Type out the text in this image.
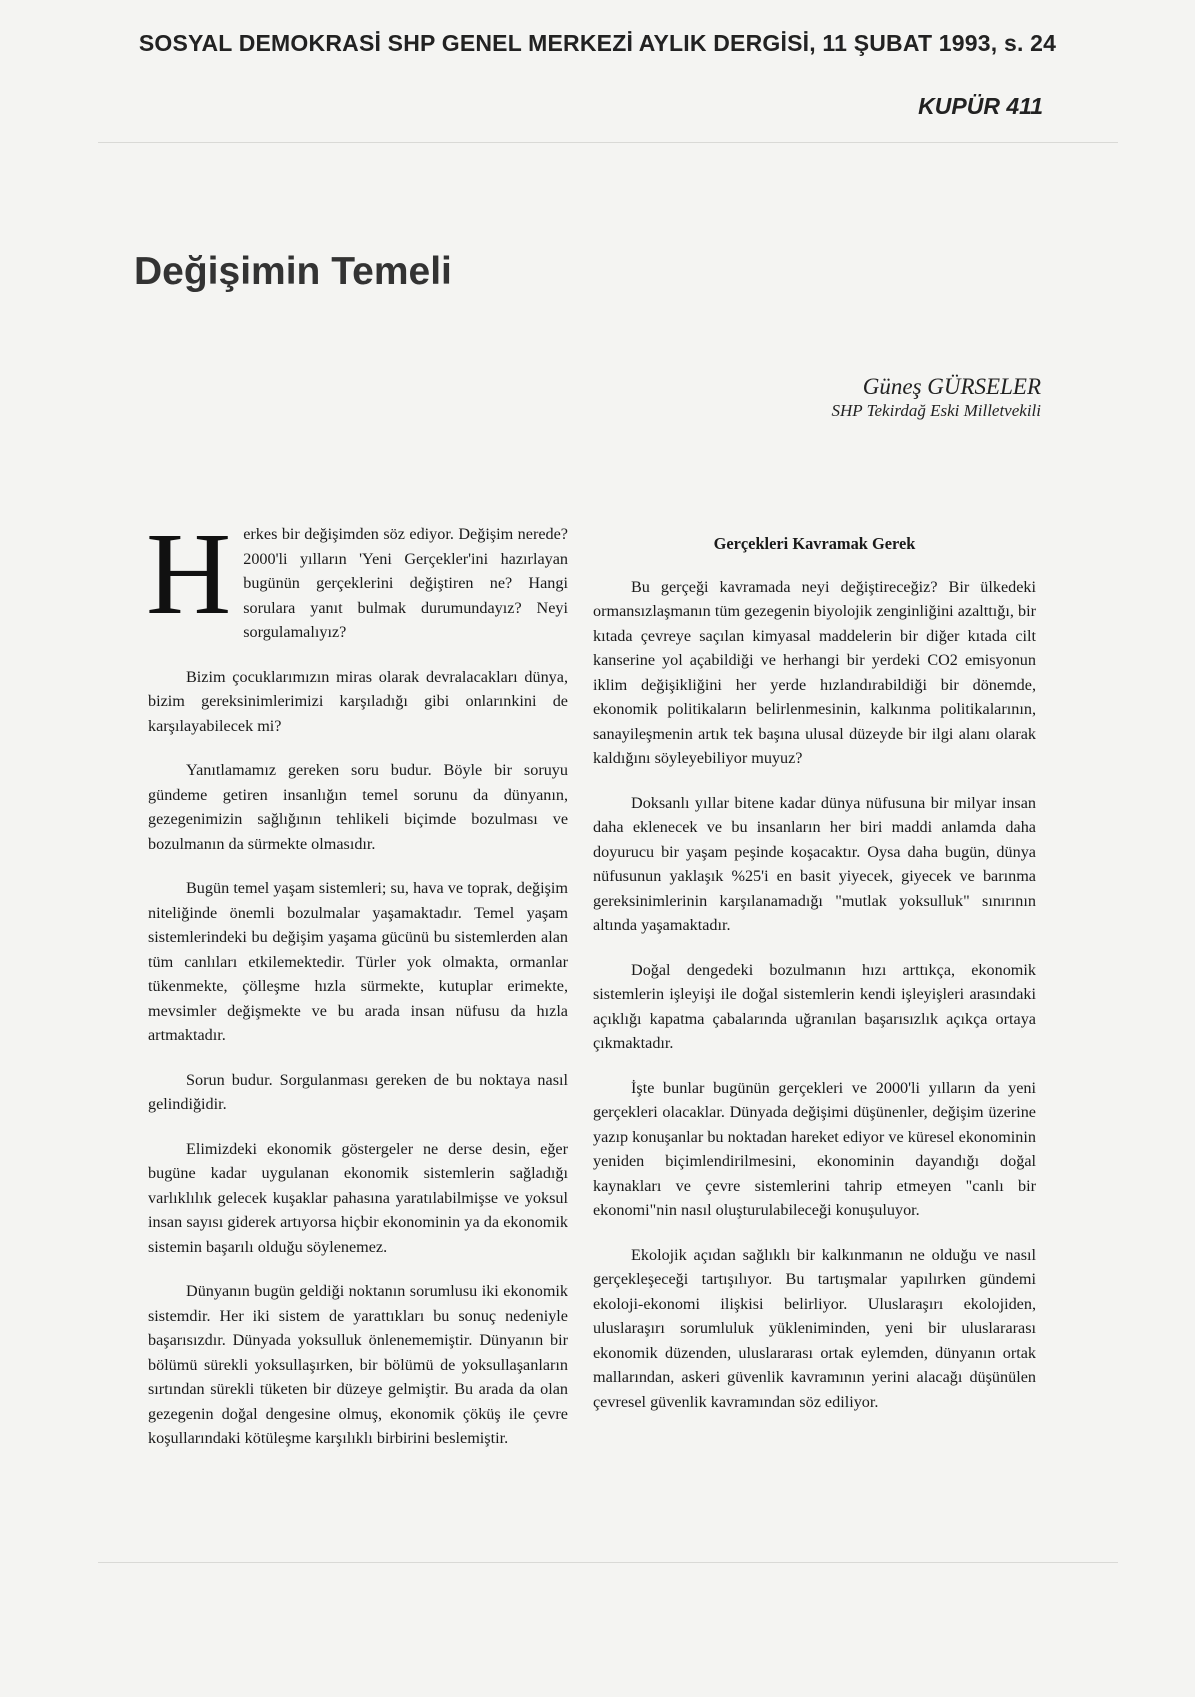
SOSYAL DEMOKRASİ SHP GENEL MERKEZİ AYLIK DERGİSİ, 11 ŞUBAT 1993, s. 24
KUPÜR 411
Değişimin Temeli
Güneş GÜRSELER
SHP Tekirdağ Eski Milletvekili

Herkes bir değişimden söz ediyor. Değişim nerede? 2000'li yılların 'Yeni Gerçekler'ini hazırlayan bugünün gerçeklerini değiştiren ne? Hangi sorulara yanıt bulmak durumundayız? Neyi sorgulamalıyız?

Bizim çocuklarımızın miras olarak devralacakları dünya, bizim gereksinimlerimizi karşıladığı gibi onlarınkini de karşılayabilecek mi?

Yanıtlamamız gereken soru budur. Böyle bir soruyu gündeme getiren insanlığın temel sorunu da dünyanın, gezegenimizin sağlığının tehlikeli biçimde bozulması ve bozulmanın da sürmekte olmasıdır.

Bugün temel yaşam sistemleri; su, hava ve toprak, değişim niteliğinde önemli bozulmalar yaşamaktadır. Temel yaşam sistemlerindeki bu değişim yaşama gücünü bu sistemlerden alan tüm canlıları etkilemektedir. Türler yok olmakta, ormanlar tükenmekte, çölleşme hızla sürmekte, kutuplar erimekte, mevsimler değişmekte ve bu arada insan nüfusu da hızla artmaktadır.

Sorun budur. Sorgulanması gereken de bu noktaya nasıl gelindiğidir.

Elimizdeki ekonomik göstergeler ne derse desin, eğer bugüne kadar uygulanan ekonomik sistemlerin sağladığı varlıklılık gelecek kuşaklar pahasına yaratılabilmişse ve yoksul insan sayısı giderek artıyorsa hiçbir ekonominin ya da ekonomik sistemin başarılı olduğu söylenemez.

Dünyanın bugün geldiği noktanın sorumlusu iki ekonomik sistemdir. Her iki sistem de yarattıkları bu sonuç nedeniyle başarısızdır. Dünyada yoksulluk önlenememiştir. Dünyanın bir bölümü sürekli yoksullaşırken, bir bölümü de yoksullaşanların sırtından sürekli tüketen bir düzeye gelmiştir. Bu arada da olan gezegenin doğal dengesine olmuş, ekonomik çöküş ile çevre koşullarındaki kötüleşme karşılıklı birbirini beslemiştir.

Gerçekleri Kavramak Gerek

Bu gerçeği kavramada neyi değiştireceğiz? Bir ülkedeki ormansızlaşmanın tüm gezegenin biyolojik zenginliğini azalttığı, bir kıtada çevreye saçılan kimyasal maddelerin bir diğer kıtada cilt kanserine yol açabildiği ve herhangi bir yerdeki CO2 emisyonun iklim değişikliğini her yerde hızlandırabildiği bir dönemde, ekonomik politikaların belirlenmesinin, kalkınma politikalarının, sanayileşmenin artık tek başına ulusal düzeyde bir ilgi alanı olarak kaldığını söyleyebiliyor muyuz?

Doksanlı yıllar bitene kadar dünya nüfusuna bir milyar insan daha eklenecek ve bu insanların her biri maddi anlamda daha doyurucu bir yaşam peşinde koşacaktır. Oysa daha bugün, dünya nüfusunun yaklaşık %25'i en basit yiyecek, giyecek ve barınma gereksinimlerinin karşılanamadığı "mutlak yoksulluk" sınırının altında yaşamaktadır.

Doğal dengedeki bozulmanın hızı arttıkça, ekonomik sistemlerin işleyişi ile doğal sistemlerin kendi işleyişleri arasındaki açıklığı kapatma çabalarında uğranılan başarısızlık açıkça ortaya çıkmaktadır.

İşte bunlar bugünün gerçekleri ve 2000'li yılların da yeni gerçekleri olacaklar. Dünyada değişimi düşünenler, değişim üzerine yazıp konuşanlar bu noktadan hareket ediyor ve küresel ekonominin yeniden biçimlendirilmesini, ekonominin dayandığı doğal kaynakları ve çevre sistemlerini tahrip etmeyen "canlı bir ekonomi"nin nasıl oluşturulabileceği konuşuluyor.

Ekolojik açıdan sağlıklı bir kalkınmanın ne olduğu ve nasıl gerçekleşeceği tartışılıyor. Bu tartışmalar yapılırken gündemi ekoloji-ekonomi ilişkisi belirliyor. Uluslaraşırı ekolojiden, uluslaraşırı sorumluluk yükleniminden, yeni bir uluslararası ekonomik düzenden, uluslararası ortak eylemden, dünyanın ortak mallarından, askeri güvenlik kavramının yerini alacağı düşünülen çevresel güvenlik kavramından söz ediliyor.
